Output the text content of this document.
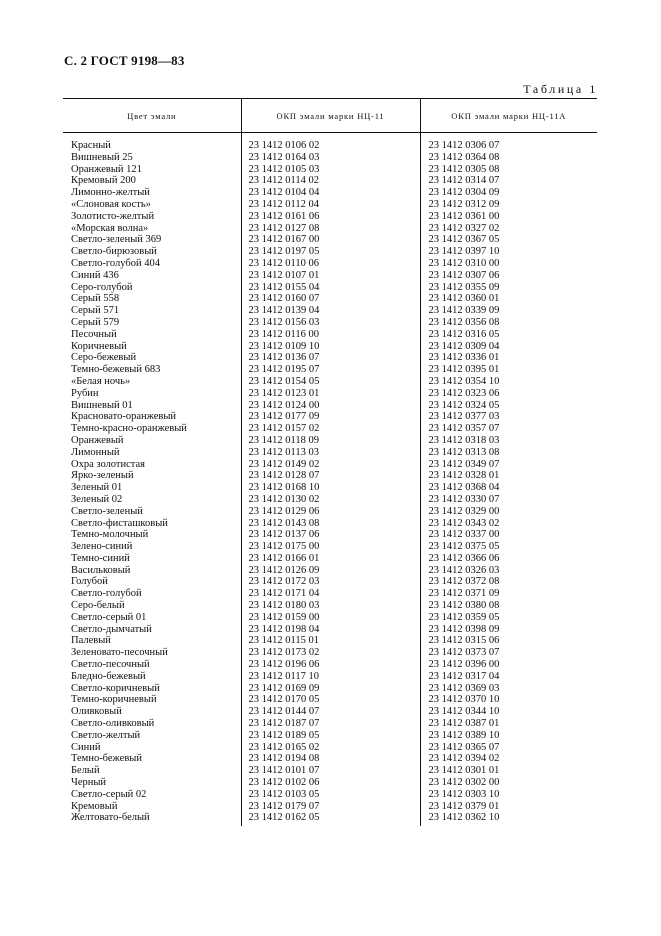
С. 2 ГОСТ 9198—83
Таблица 1
Цвет эмали	ОКП эмали марки НЦ-11	ОКП эмали марки НЦ-11А
Красный	23 1412 0106 02	23 1412 0306 07
Вишневый 25	23 1412 0164 03	23 1412 0364 08
Оранжевый 121	23 1412 0105 03	23 1412 0305 08
Кремовый 200	23 1412 0114 02	23 1412 0314 07
Лимонно-желтый	23 1412 0104 04	23 1412 0304 09
«Слоновая кость»	23 1412 0112 04	23 1412 0312 09
Золотисто-желтый	23 1412 0161 06	23 1412 0361 00
«Морская волна»	23 1412 0127 08	23 1412 0327 02
Светло-зеленый 369	23 1412 0167 00	23 1412 0367 05
Светло-бирюзовый	23 1412 0197 05	23 1412 0397 10
Светло-голубой 404	23 1412 0110 06	23 1412 0310 00
Синий 436	23 1412 0107 01	23 1412 0307 06
Серо-голубой	23 1412 0155 04	23 1412 0355 09
Серый 558	23 1412 0160 07	23 1412 0360 01
Серый 571	23 1412 0139 04	23 1412 0339 09
Серый 579	23 1412 0156 03	23 1412 0356 08
Песочный	23 1412 0116 00	23 1412 0316 05
Коричневый	23 1412 0109 10	23 1412 0309 04
Серо-бежевый	23 1412 0136 07	23 1412 0336 01
Темно-бежевый 683	23 1412 0195 07	23 1412 0395 01
«Белая ночь»	23 1412 0154 05	23 1412 0354 10
Рубин	23 1412 0123 01	23 1412 0323 06
Вишневый 01	23 1412 0124 00	23 1412 0324 05
Красновато-оранжевый	23 1412 0177 09	23 1412 0377 03
Темно-красно-оранжевый	23 1412 0157 02	23 1412 0357 07
Оранжевый	23 1412 0118 09	23 1412 0318 03
Лимонный	23 1412 0113 03	23 1412 0313 08
Охра золотистая	23 1412 0149 02	23 1412 0349 07
Ярко-зеленый	23 1412 0128 07	23 1412 0328 01
Зеленый 01	23 1412 0168 10	23 1412 0368 04
Зеленый 02	23 1412 0130 02	23 1412 0330 07
Светло-зеленый	23 1412 0129 06	23 1412 0329 00
Светло-фисташковый	23 1412 0143 08	23 1412 0343 02
Темно-молочный	23 1412 0137 06	23 1412 0337 00
Зелено-синий	23 1412 0175 00	23 1412 0375 05
Темно-синий	23 1412 0166 01	23 1412 0366 06
Васильковый	23 1412 0126 09	23 1412 0326 03
Голубой	23 1412 0172 03	23 1412 0372 08
Светло-голубой	23 1412 0171 04	23 1412 0371 09
Серо-белый	23 1412 0180 03	23 1412 0380 08
Светло-серый 01	23 1412 0159 00	23 1412 0359 05
Светло-дымчатый	23 1412 0198 04	23 1412 0398 09
Палевый	23 1412 0115 01	23 1412 0315 06
Зеленовато-песочный	23 1412 0173 02	23 1412 0373 07
Светло-песочный	23 1412 0196 06	23 1412 0396 00
Бледно-бежевый	23 1412 0117 10	23 1412 0317 04
Светло-коричневый	23 1412 0169 09	23 1412 0369 03
Темно-коричневый	23 1412 0170 05	23 1412 0370 10
Оливковый	23 1412 0144 07	23 1412 0344 10
Светло-оливковый	23 1412 0187 07	23 1412 0387 01
Светло-желтый	23 1412 0189 05	23 1412 0389 10
Синий	23 1412 0165 02	23 1412 0365 07
Темно-бежевый	23 1412 0194 08	23 1412 0394 02
Белый	23 1412 0101 07	23 1412 0301 01
Черный	23 1412 0102 06	23 1412 0302 00
Светло-серый 02	23 1412 0103 05	23 1412 0303 10
Кремовый	23 1412 0179 07	23 1412 0379 01
Желтовато-белый	23 1412 0162 05	23 1412 0362 10
